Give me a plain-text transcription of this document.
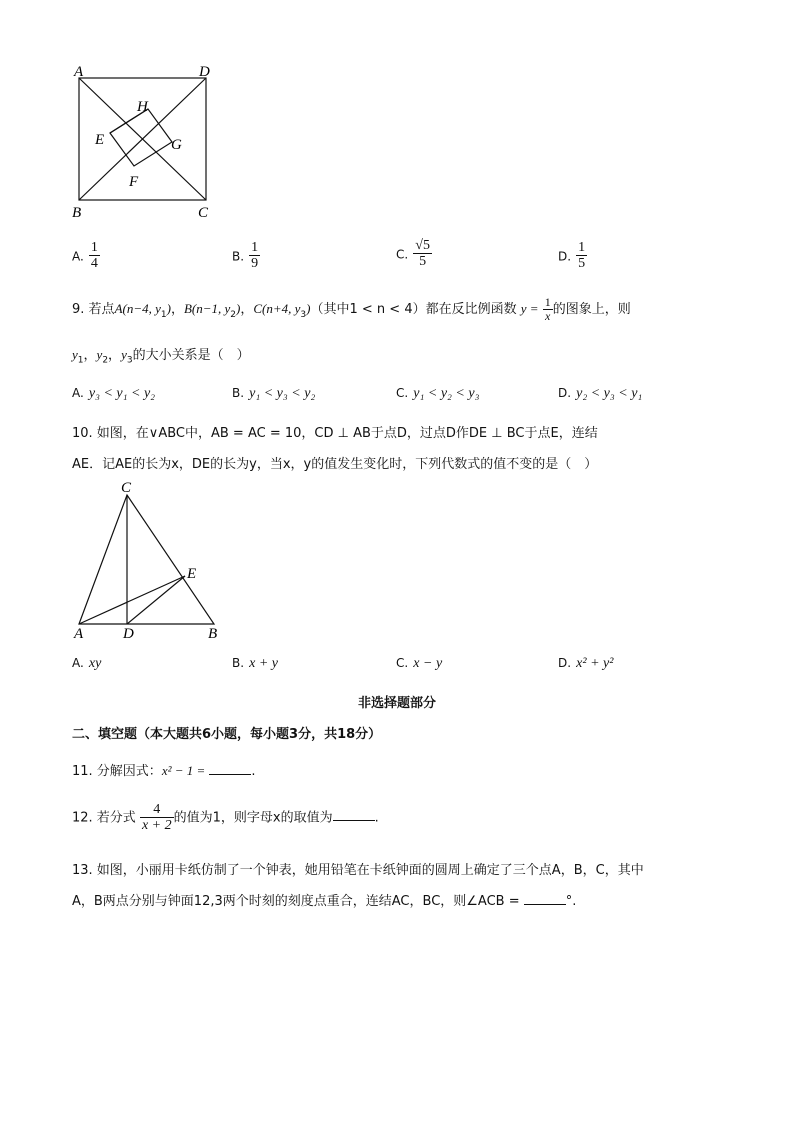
A	D
H
E	G
F
B	C
A. $\frac{1}{4}$	B. $\frac{1}{9}$	C. $\frac{√5}{5}$	D. $\frac{1}{5}$
9. 若点A(n−4, $y_1$)，B(n−1, $y_2$)，C(n+4, $y_3$)（其中1 < n < 4）都在反比例函数 $y = \frac{1}{x}$ 的图象上，则
$y_1$，$y_2$，$y_3$的大小关系是（　）
A. y₃ < y₁ < y₂	B. y₁ < y₃ < y₂	C. y₁ < y₂ < y₃	D. y₂ < y₃ < y₁
10. 如图，在∨ABC中，AB = AC = 10，CD ⊥ AB于点D，过点D作DE ⊥ BC于点E，连结
AE．记AE的长为x，DE的长为y，当x，y的值发生变化时，下列代数式的值不变的是（　）
C
E
A	D	B
A. xy	B. x + y	C. x − y	D. x² + y²
非选择题部分
二、填空题（本大题共6小题，每小题3分，共18分）
11. 分解因式：x² − 1 =	.
12. 若分式 $\frac{4}{x + 2}$ 的值为1，则字母x的取值为	.
13. 如图，小丽用卡纸仿制了一个钟表，她用铅笔在卡纸钟面的圆周上确定了三个点A，B，C，其中
A，B两点分别与钟面12,3两个时刻的刻度点重合，连结AC，BC，则∠ACB =	°.
